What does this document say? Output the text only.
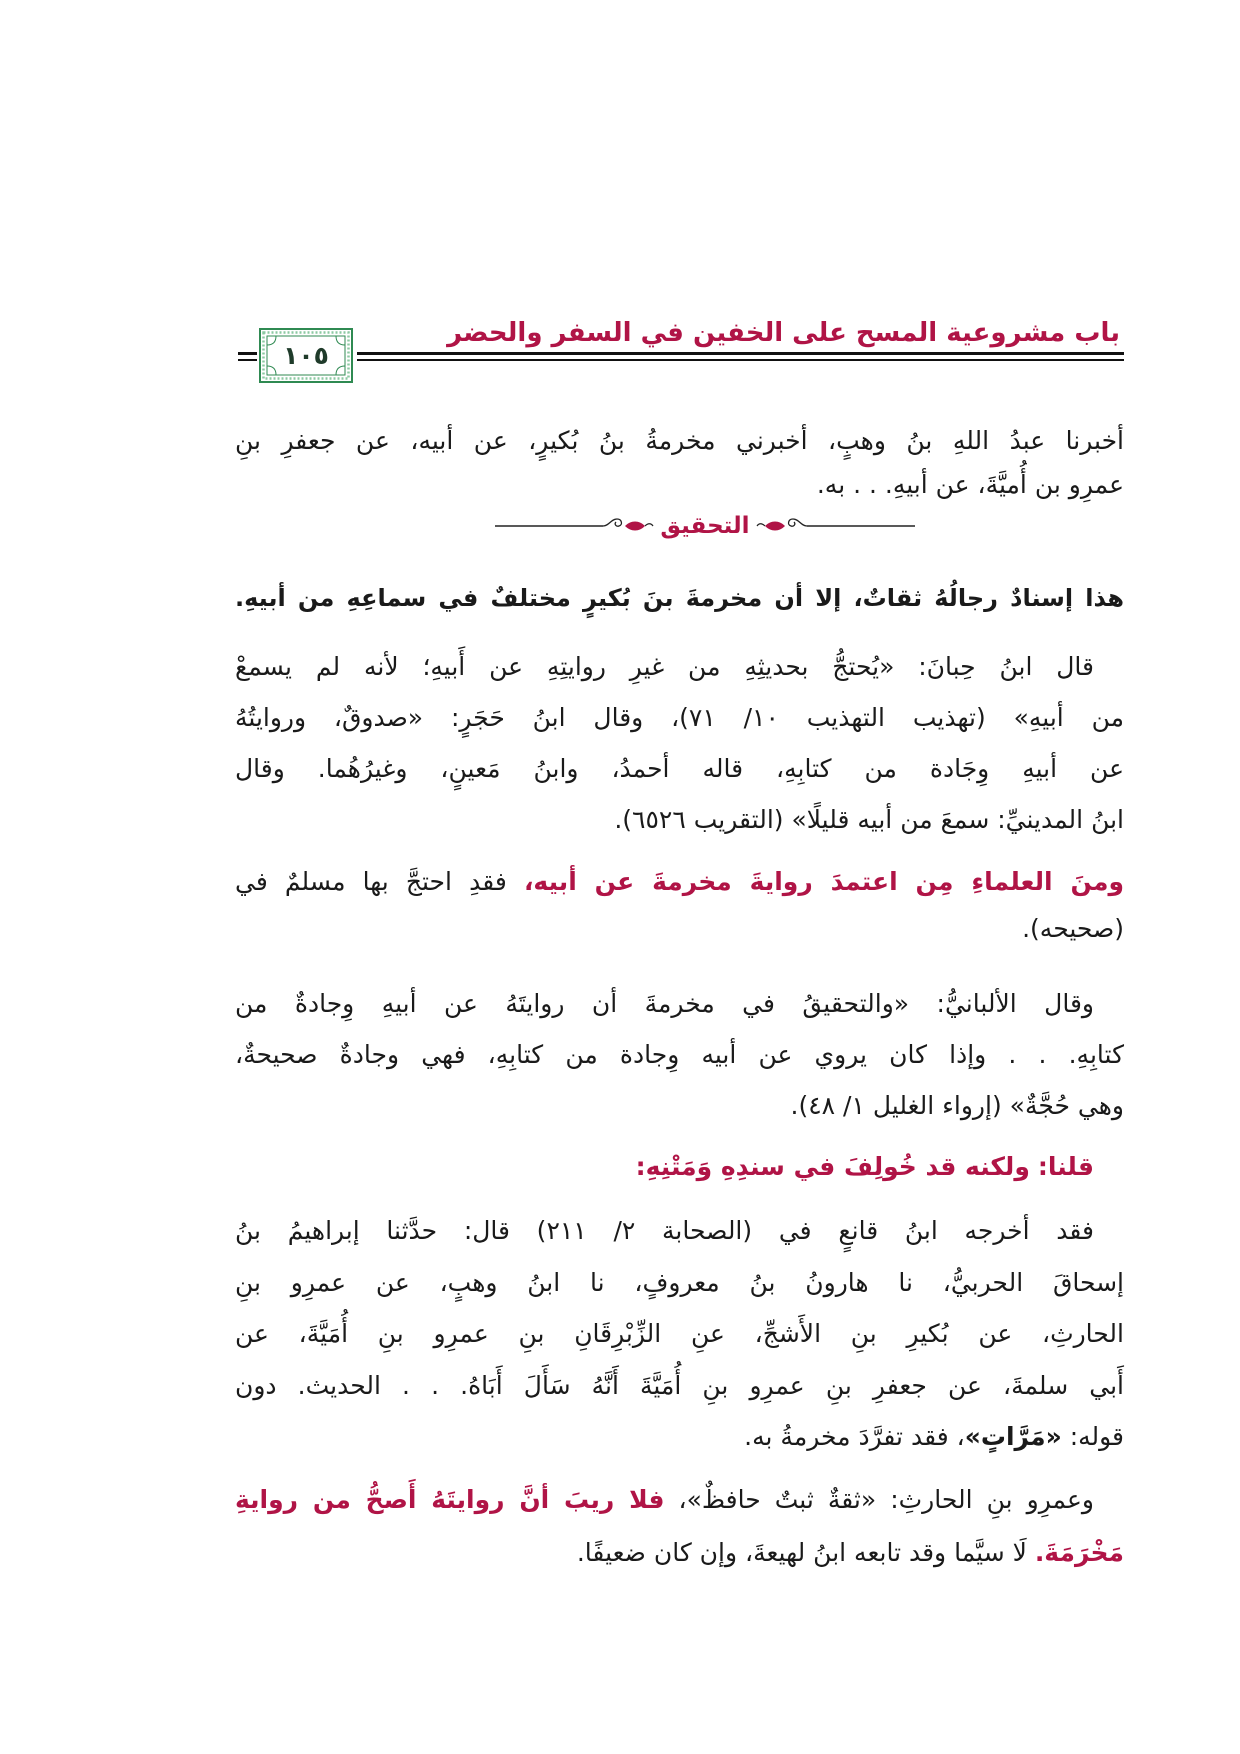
باب مشروعية المسح على الخفين في السفر والحضر
١٠٥
أخبرنا عبدُ اللهِ بنُ وهبٍ، أخبرني مخرمةُ بنُ بُكيرٍ، عن أبيه، عن جعفرِ بنِ
عمرِو بن أُميَّةَ، عن أبيهِ. . . به.
التحقيق
هذا إسنادٌ رجالُهُ ثقاتٌ، إلا أن مخرمةَ بنَ بُكيرٍ مختلفٌ في سماعِهِ من أبيهِ.
قال ابنُ حِبانَ: «يُحتجُّ بحديثِهِ من غيرِ روايتِهِ عن أَبيهِ؛ لأنه لم يسمعْ
من أبيهِ» (تهذيب التهذيب ١٠/ ٧١)، وقال ابنُ حَجَرٍ: «صدوقٌ، وروايتُهُ
عن أبيهِ وِجَادة من كتابِهِ، قاله أحمدُ، وابنُ مَعينٍ، وغيرُهُما. وقال
ابنُ المدينيِّ: سمعَ من أبيه قليلًا» (التقريب ٦٥٢٦).
ومنَ العلماءِ مِن اعتمدَ روايةَ مخرمةَ عن أبيه، فقدِ احتجَّ بها مسلمٌ في
(صحيحه).
وقال الألبانيُّ: «والتحقيقُ في مخرمةَ أن روايتَهُ عن أبيهِ وِجادةٌ من
كتابِهِ. . . وإذا كان يروي عن أبيه وِجادة من كتابِهِ، فهي وجادةٌ صحيحةٌ،
وهي حُجَّةٌ» (إرواء الغليل ١/ ٤٨).
قلنا: ولكنه قد خُولِفَ في سندِهِ وَمَتْنِهِ:
فقد أخرجه ابنُ قانعٍ في (الصحابة ٢/ ٢١١) قال: حدَّثنا إبراهيمُ بنُ
إسحاقَ الحربيُّ، نا هارونُ بنُ معروفٍ، نا ابنُ وهبٍ، عن عمرِو بنِ
الحارثِ، عن بُكيرِ بنِ الأَشجِّ، عنِ الزِّبْرِقَانِ بنِ عمرِو بنِ أُمَيَّةَ، عن
أَبي سلمةَ، عن جعفرِ بنِ عمرِو بنِ أُمَيَّةَ أَنَّهُ سَأَلَ أَبَاهُ. . . الحديث. دون
قوله: «مَرَّاتٍ»، فقد تفرَّدَ مخرمةُ به.
وعمرِو بنِ الحارثِ: «ثقةٌ ثبتٌ حافظٌ»، فلا ريبَ أنَّ روايتَهُ أَصحُّ من روايةِ
مَخْرَمَةَ. لَا سيَّما وقد تابعه ابنُ لهيعةَ، وإن كان ضعيفًا.
